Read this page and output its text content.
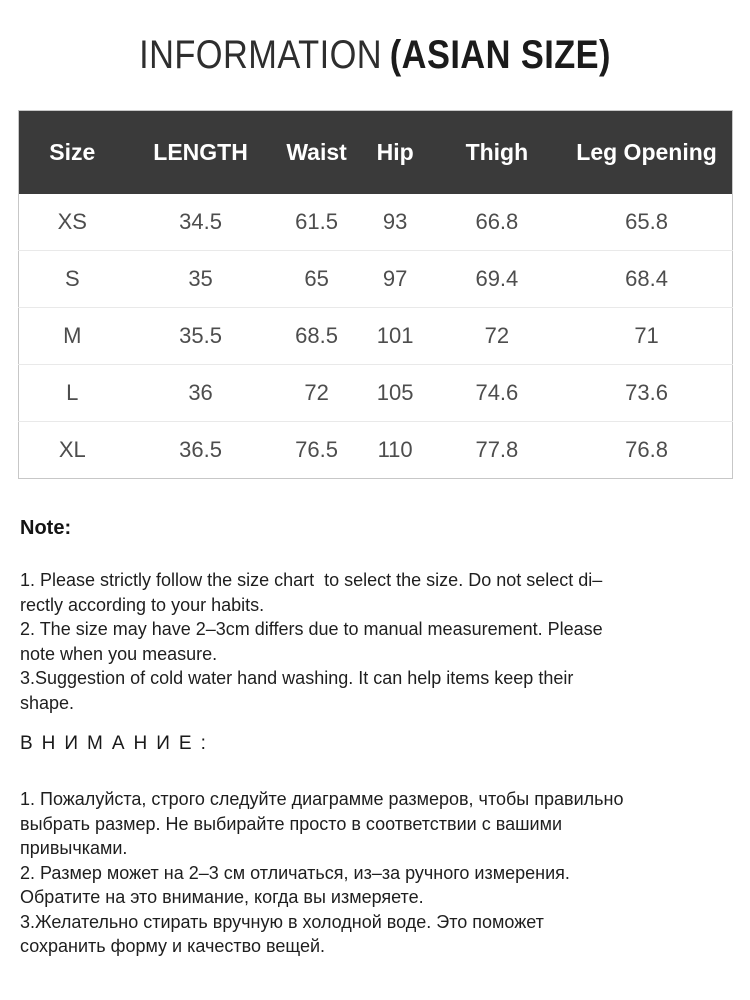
INFORMATION (ASIAN SIZE)
Size	LENGTH	Waist	Hip	Thigh	Leg Opening
XS	34.5	61.5	93	66.8	65.8
S	35	65	97	69.4	68.4
M	35.5	68.5	101	72	71
L	36	72	105	74.6	73.6
XL	36.5	76.5	110	77.8	76.8
Note:
1. Please strictly follow the size chart  to select the size. Do not select di–
rectly according to your habits.
2. The size may have 2–3cm differs due to manual measurement. Please
note when you measure.
3.Suggestion of cold water hand washing. It can help items keep their
shape.
ВНИМАНИЕ:
1. Пожалуйста, строго следуйте диаграмме размеров, чтобы правильно
выбрать размер. Не выбирайте просто в соответствии с вашими
привычками.
2. Размер может на 2–3 см отличаться, из–за ручного измерения.
Обратите на это внимание, когда вы измеряете.
3.Желательно стирать вручную в холодной воде. Это поможет
сохранить форму и качество вещей.
